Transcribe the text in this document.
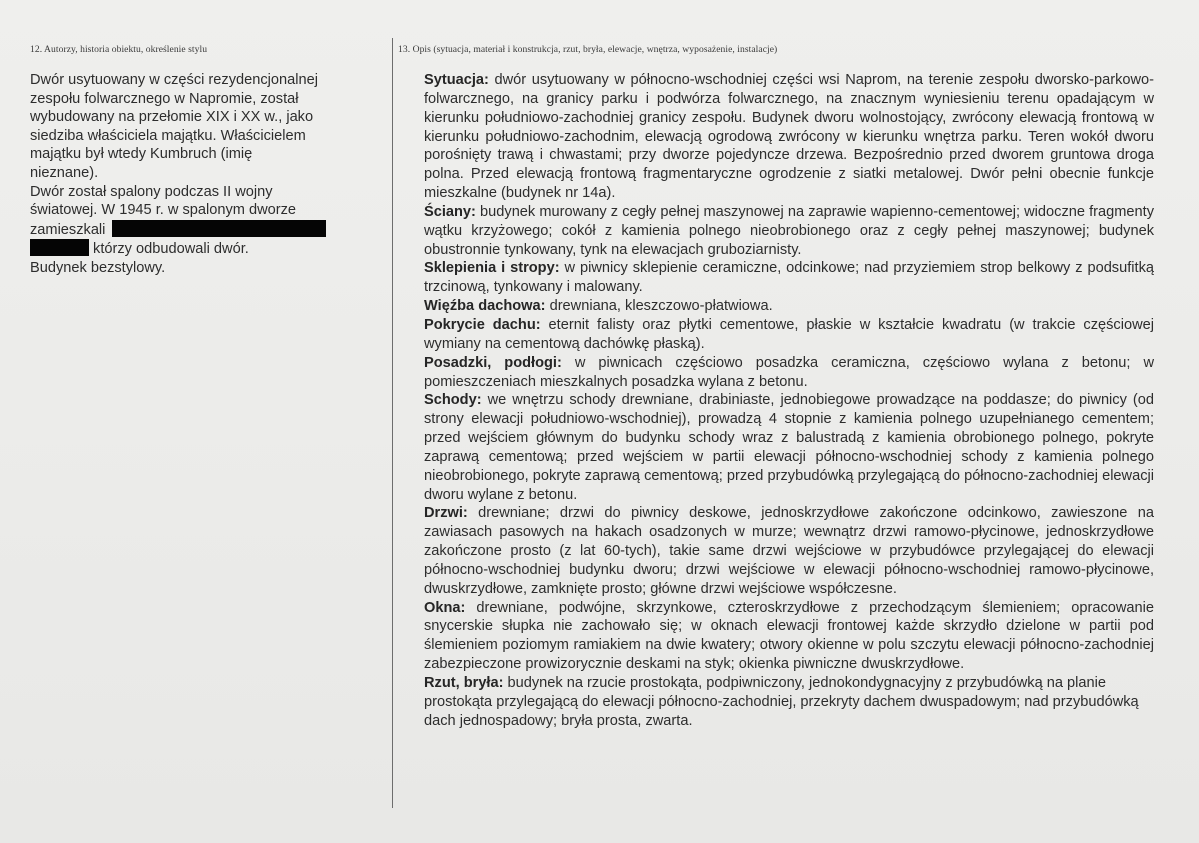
12. Autorzy, historia obiektu, określenie stylu

Dwór usytuowany w części rezydencjonalnej
zespołu folwarcznego w Napromie, został
wybudowany na przełomie XIX i XX w., jako
siedziba właściciela majątku. Właścicielem
majątku był wtedy Kumbruch (imię
nieznane).

Dwór został spalony podczas II wojny
światowej. W 1945 r. w spalonym dworze
zamieszkali
którzy odbudowali dwór.

Budynek bezstylowy.

13. Opis (sytuacja, materiał i konstrukcja, rzut, bryła, elewacje, wnętrza, wyposażenie, instalacje)

Sytuacja: dwór usytuowany w północno-wschodniej części wsi Naprom, na terenie zespołu dworsko-parkowo-folwarcznego, na granicy parku i podwórza folwarcznego, na znacznym wyniesieniu terenu opadającym w kierunku południowo-zachodniej granicy zespołu. Budynek dworu wolnostojący, zwrócony elewacją frontową w kierunku południowo-zachodnim, elewacją ogrodową zwrócony w kierunku wnętrza parku. Teren wokół dworu porośnięty trawą i chwastami; przy dworze pojedyncze drzewa. Bezpośrednio przed dworem gruntowa droga polna. Przed elewacją frontową fragmentaryczne ogrodzenie z siatki metalowej. Dwór pełni obecnie funkcje mieszkalne (budynek nr 14a).

Ściany: budynek murowany z cegły pełnej maszynowej na zaprawie wapienno-cementowej; widoczne fragmenty wątku krzyżowego; cokół z kamienia polnego nieobrobionego oraz z cegły pełnej maszynowej; budynek obustronnie tynkowany, tynk na elewacjach gruboziarnisty.

Sklepienia i stropy: w piwnicy sklepienie ceramiczne, odcinkowe; nad przyziemiem strop belkowy z podsufitką trzcinową, tynkowany i malowany.

Więźba dachowa: drewniana, kleszczowo-płatwiowa.

Pokrycie dachu: eternit falisty oraz płytki cementowe, płaskie w kształcie kwadratu (w trakcie częściowej wymiany na cementową dachówkę płaską).

Posadzki, podłogi: w piwnicach częściowo posadzka ceramiczna, częściowo wylana z betonu; w pomieszczeniach mieszkalnych posadzka wylana z betonu.

Schody: we wnętrzu schody drewniane, drabiniaste, jednobiegowe prowadzące na poddasze; do piwnicy (od strony elewacji południowo-wschodniej), prowadzą 4 stopnie z kamienia polnego uzupełnianego cementem; przed wejściem głównym do budynku schody wraz z balustradą z kamienia obrobionego polnego, pokryte zaprawą cementową; przed wejściem w partii elewacji północno-wschodniej schody z kamienia polnego nieobrobionego, pokryte zaprawą cementową; przed przybudówką przylegającą do północno-zachodniej elewacji dworu wylane z betonu.

Drzwi: drewniane; drzwi do piwnicy deskowe, jednoskrzydłowe zakończone odcinkowo, zawieszone na zawiasach pasowych na hakach osadzonych w murze; wewnątrz drzwi ramowo-płycinowe, jednoskrzydłowe zakończone prosto (z lat 60-tych), takie same drzwi wejściowe w przybudówce przylegającej do elewacji północno-wschodniej budynku dworu; drzwi wejściowe w elewacji północno-wschodniej ramowo-płycinowe, dwuskrzydłowe, zamknięte prosto; główne drzwi wejściowe współczesne.

Okna: drewniane, podwójne, skrzynkowe, czteroskrzydłowe z przechodzącym ślemieniem; opracowanie snycerskie słupka nie zachowało się; w oknach elewacji frontowej każde skrzydło dzielone w partii pod ślemieniem poziomym ramiakiem na dwie kwatery; otwory okienne w polu szczytu elewacji północno-zachodniej zabezpieczone prowizorycznie deskami na styk; okienka piwniczne dwuskrzydłowe.

Rzut, bryła: budynek na rzucie prostokąta, podpiwniczony, jednokondygnacyjny z przybudówką na planie prostokąta przylegającą do elewacji północno-zachodniej, przekryty dachem dwuspadowym; nad przybudówką dach jednospadowy; bryła prosta, zwarta.
